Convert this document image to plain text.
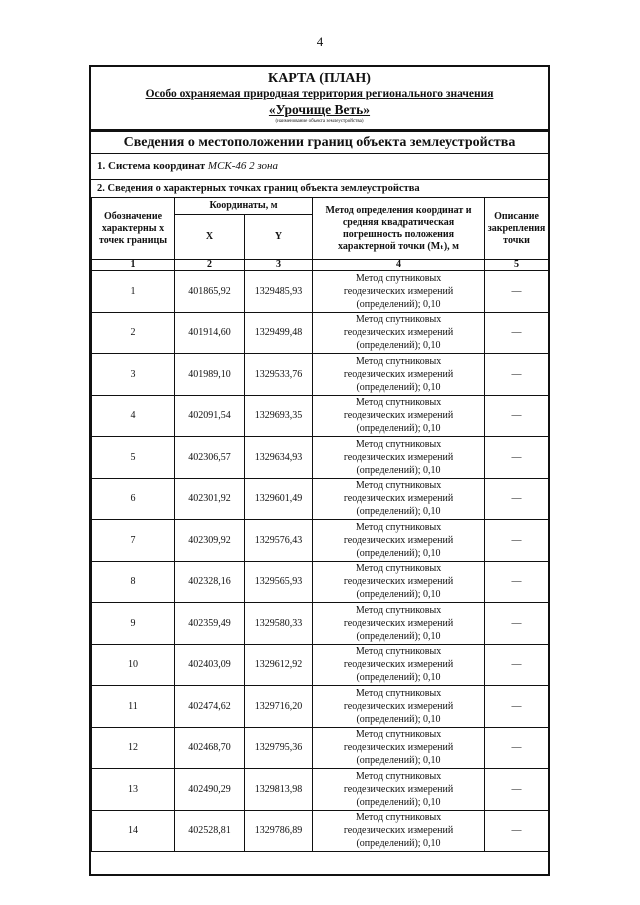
4
КАРТА (ПЛАН)
Особо охраняемая природная территория регионального значения
«Урочище Веть»
(наименование объекта землеустройства)
Сведения о местоположении границ объекта землеустройства
1. Система координат МСК-46 2 зона
2. Сведения о характерных точках границ объекта землеустройства
Обозначение характерны х точек границы	Координаты, м		Метод определения координат и средняя квадратическая погрешность положения характерной точки (Mₜ), м	Описание закрепления точки
	X	Y		
1	2	3	4	5
1	401865,92	1329485,93	Метод спутниковых
геодезических измерений
(определений); 0,10	—
2	401914,60	1329499,48	Метод спутниковых
геодезических измерений
(определений); 0,10	—
3	401989,10	1329533,76	Метод спутниковых
геодезических измерений
(определений); 0,10	—
4	402091,54	1329693,35	Метод спутниковых
геодезических измерений
(определений); 0,10	—
5	402306,57	1329634,93	Метод спутниковых
геодезических измерений
(определений); 0,10	—
6	402301,92	1329601,49	Метод спутниковых
геодезических измерений
(определений); 0,10	—
7	402309,92	1329576,43	Метод спутниковых
геодезических измерений
(определений); 0,10	—
8	402328,16	1329565,93	Метод спутниковых
геодезических измерений
(определений); 0,10	—
9	402359,49	1329580,33	Метод спутниковых
геодезических измерений
(определений); 0,10	—
10	402403,09	1329612,92	Метод спутниковых
геодезических измерений
(определений); 0,10	—
11	402474,62	1329716,20	Метод спутниковых
геодезических измерений
(определений); 0,10	—
12	402468,70	1329795,36	Метод спутниковых
геодезических измерений
(определений); 0,10	—
13	402490,29	1329813,98	Метод спутниковых
геодезических измерений
(определений); 0,10	—
14	402528,81	1329786,89	Метод спутниковых
геодезических измерений
(определений); 0,10	—
